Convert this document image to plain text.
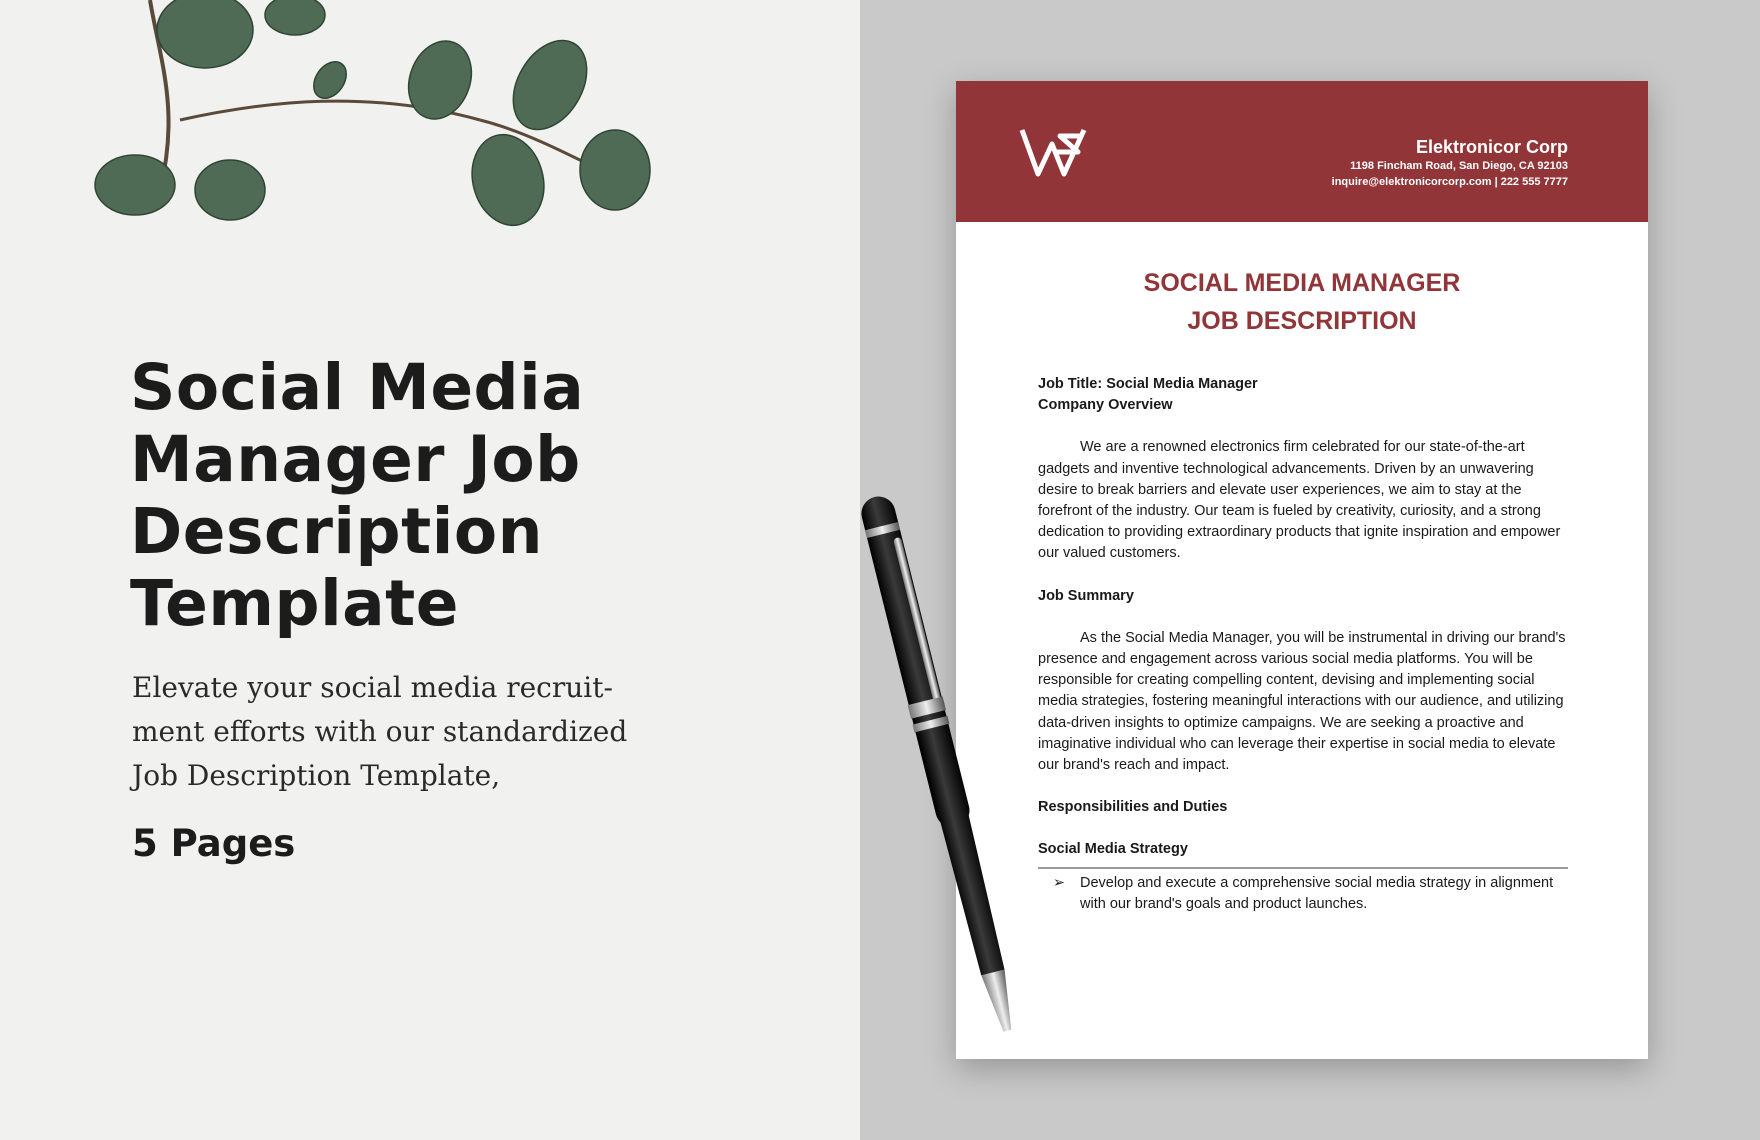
Social Media Manager Job Description Template

Elevate your social media recruit-ment efforts with our standardized Job Description Template,

5 Pages

Elektronicor Corp
1198 Fincham Road, San Diego, CA 92103
inquire@elektronicorcorp.com | 222 555 7777
SOCIAL MEDIA MANAGER
JOB DESCRIPTION

Job Title: Social Media Manager

Company Overview

We are a renowned electronics firm celebrated for our state-of-the-art gadgets and inventive technological advancements. Driven by an unwavering desire to break barriers and elevate user experiences, we aim to stay at the forefront of the industry. Our team is fueled by creativity, curiosity, and a strong dedication to providing extraordinary products that ignite inspiration and empower our valued customers.

Job Summary

As the Social Media Manager, you will be instrumental in driving our brand's presence and engagement across various social media platforms. You will be responsible for creating compelling content, devising and implementing social media strategies, fostering meaningful interactions with our audience, and utilizing data-driven insights to optimize campaigns. We are seeking a proactive and imaginative individual who can leverage their expertise in social media to elevate our brand's reach and impact.

Responsibilities and Duties

Social Media Strategy

➢	Develop and execute a comprehensive social media strategy in alignment with our brand's goals and product launches.
